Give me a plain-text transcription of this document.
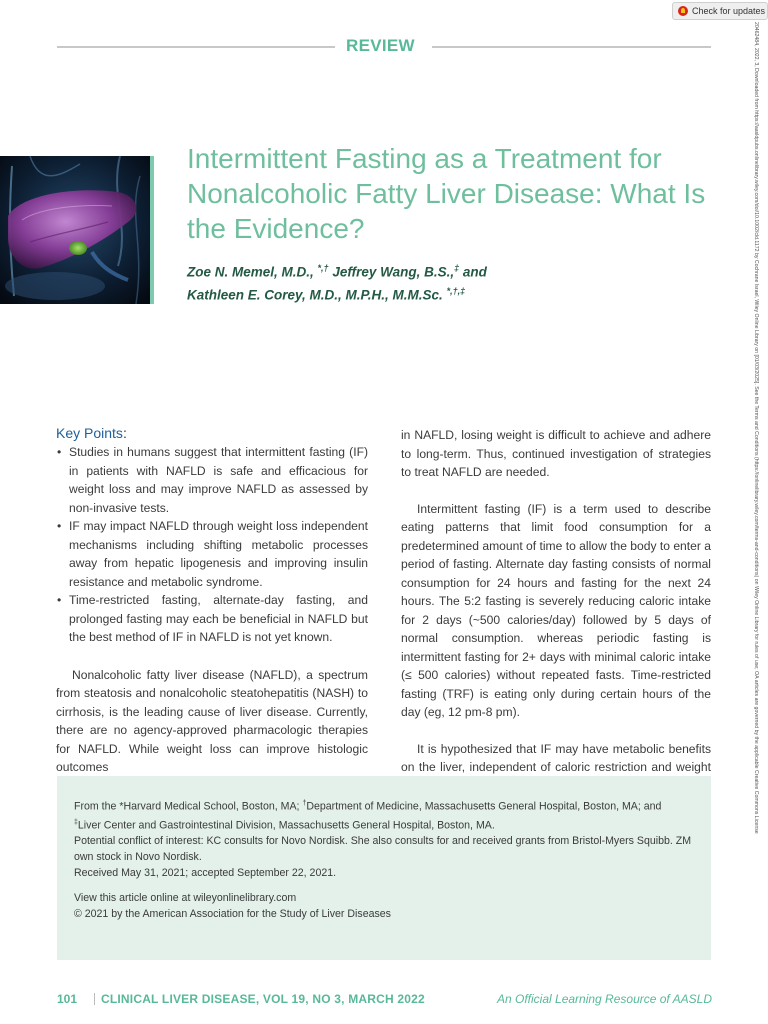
Check for updates
REVIEW
Intermittent Fasting as a Treatment for Nonalcoholic Fatty Liver Disease: What Is the Evidence?
Zoe N. Memel, M.D., *,† Jeffrey Wang, B.S.,‡ and
Kathleen E. Corey, M.D., M.P.H., M.M.Sc. *,†,‡
Key Points:
• Studies in humans suggest that intermittent fasting (IF) in patients with NAFLD is safe and efficacious for weight loss and may improve NAFLD as assessed by non-invasive tests.
• IF may impact NAFLD through weight loss independent mechanisms including shifting metabolic processes away from hepatic lipogenesis and improving insulin resistance and metabolic syndrome.
• Time-restricted fasting, alternate-day fasting, and prolonged fasting may each be beneficial in NAFLD but the best method of IF in NAFLD is not yet known.

Nonalcoholic fatty liver disease (NAFLD), a spectrum from steatosis and nonalcoholic steatohepatitis (NASH) to cirrhosis, is the leading cause of liver disease. Currently, there are no agency-approved pharmacologic therapies for NAFLD. While weight loss can improve histologic outcomes

in NAFLD, losing weight is difficult to achieve and adhere to long-term. Thus, continued investigation of strategies to treat NAFLD are needed.

Intermittent fasting (IF) is a term used to describe eating patterns that limit food consumption for a predetermined amount of time to allow the body to enter a period of fasting. Alternate day fasting consists of normal consumption for 24 hours and fasting for the next 24 hours. The 5:2 fasting is severely reducing caloric intake for 2 days (~500 calories/day) followed by 5 days of normal consumption. whereas periodic fasting is intermittent fasting for 2+ days with minimal caloric intake (≤ 500 calories) without repeated fasts. Time-restricted fasting (TRF) is eating only during certain hours of the day (eg, 12 pm-8 pm).

It is hypothesized that IF may have metabolic benefits on the liver, independent of caloric restriction and weight

From the *Harvard Medical School, Boston, MA; †Department of Medicine, Massachusetts General Hospital, Boston, MA; and
‡Liver Center and Gastrointestinal Division, Massachusetts General Hospital, Boston, MA.

Potential conflict of interest: KC consults for Novo Nordisk. She also consults for and received grants from Bristol-Myers Squibb. ZM own stock in Novo Nordisk.

Received May 31, 2021; accepted September 22, 2021.

View this article online at wileyonlinelibrary.com

© 2021 by the American Association for the Study of Liver Diseases

101 CLINICAL LIVER DISEASE, VOL 19, NO 3, MARCH 2022	An Official Learning Resource of AASLD
20462484, 2022, 3, Downloaded from https://aasldpubs.onlinelibrary.wiley.com/doi/10.1002/cld.1172 by Cochrane Israel, Wiley Online Library on [01/03/2025]. See the Terms and Conditions (https://onlinelibrary.wiley.com/terms-and-conditions) on Wiley Online Library for rules of use; OA articles are governed by the applicable Creative Commons License
